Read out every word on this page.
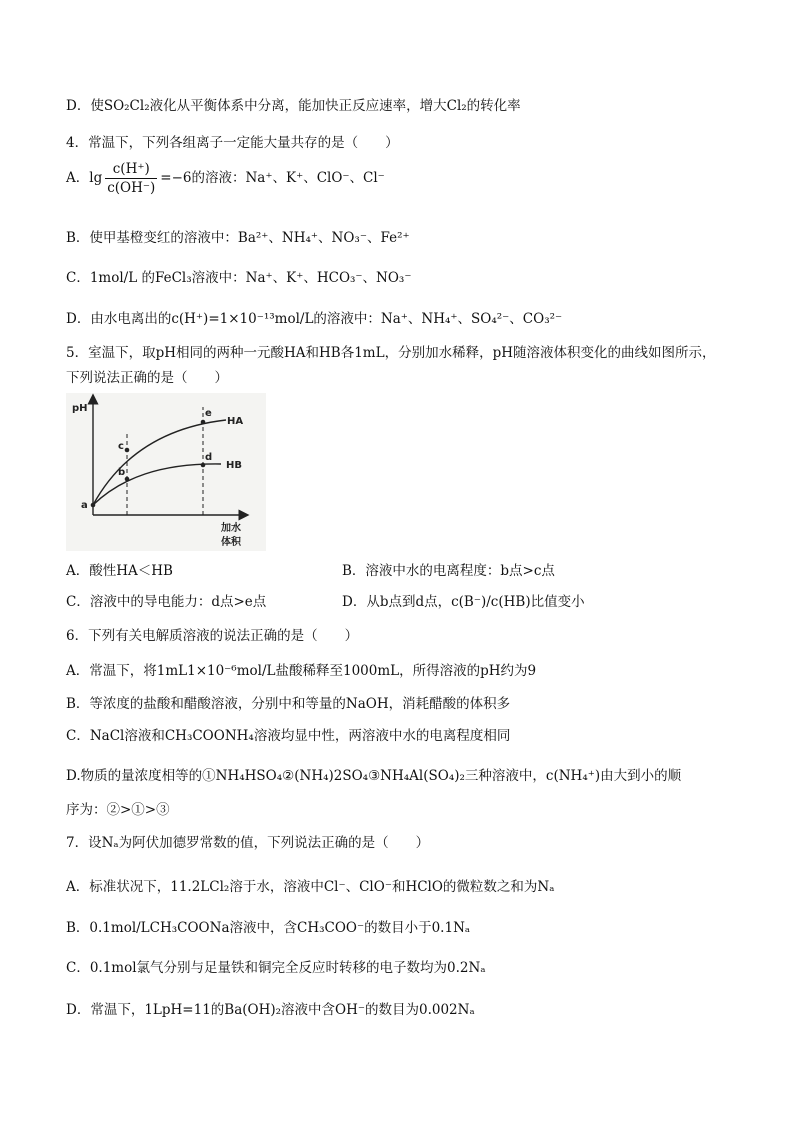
D．使SO₂Cl₂液化从平衡体系中分离，能加快正反应速率，增大Cl₂的转化率
4．常温下，下列各组离子一定能大量共存的是（　　）
A．$\lg \frac{c(H^+)}{c(OH^-)} =-6$的溶液：Na⁺、K⁺、ClO⁻、Cl⁻
B．使甲基橙变红的溶液中：Ba²⁺、NH₄⁺、NO₃⁻、Fe²⁺
C．1mol/L 的FeCl₃溶液中：Na⁺、K⁺、HCO₃⁻、NO₃⁻
D．由水电离出的c(H⁺)=1×10⁻¹³mol/L的溶液中：Na⁺、NH₄⁺、SO₄²⁻、CO₃²⁻
5．室温下，取pH相同的两种一元酸HA和HB各1mL，分别加水稀释，pH随溶液体积变化的曲线如图所示，
下列说法正确的是（　　）
pH
加水
体积
HA
HB
a
b
c
d
e
A．酸性HA＜HB	B．溶液中水的电离程度：b点>c点
C．溶液中的导电能力：d点>e点	D．从b点到d点，c(B⁻)/c(HB)比值变小
6．下列有关电解质溶液的说法正确的是（　　）
A．常温下，将1mL1×10⁻⁶mol/L盐酸稀释至1000mL，所得溶液的pH约为9
B．等浓度的盐酸和醋酸溶液，分别中和等量的NaOH，消耗醋酸的体积多
C．NaCl溶液和CH₃COONH₄溶液均显中性，两溶液中水的电离程度相同
D.物质的量浓度相等的①NH₄HSO₄②(NH₄)2SO₄③NH₄Al(SO₄)₂三种溶液中，c(NH₄⁺)由大到小的顺
序为：②>①>③
7．设Nₐ为阿伏加德罗常数的值，下列说法正确的是（　　）
A．标准状况下，11.2LCl₂溶于水，溶液中Cl⁻、ClO⁻和HClO的微粒数之和为Nₐ
B．0.1mol/LCH₃COONa溶液中，含CH₃COO⁻的数目小于0.1Nₐ
C．0.1mol氯气分别与足量铁和铜完全反应时转移的电子数均为0.2Nₐ
D．常温下，1LpH=11的Ba(OH)₂溶液中含OH⁻的数目为0.002Nₐ
